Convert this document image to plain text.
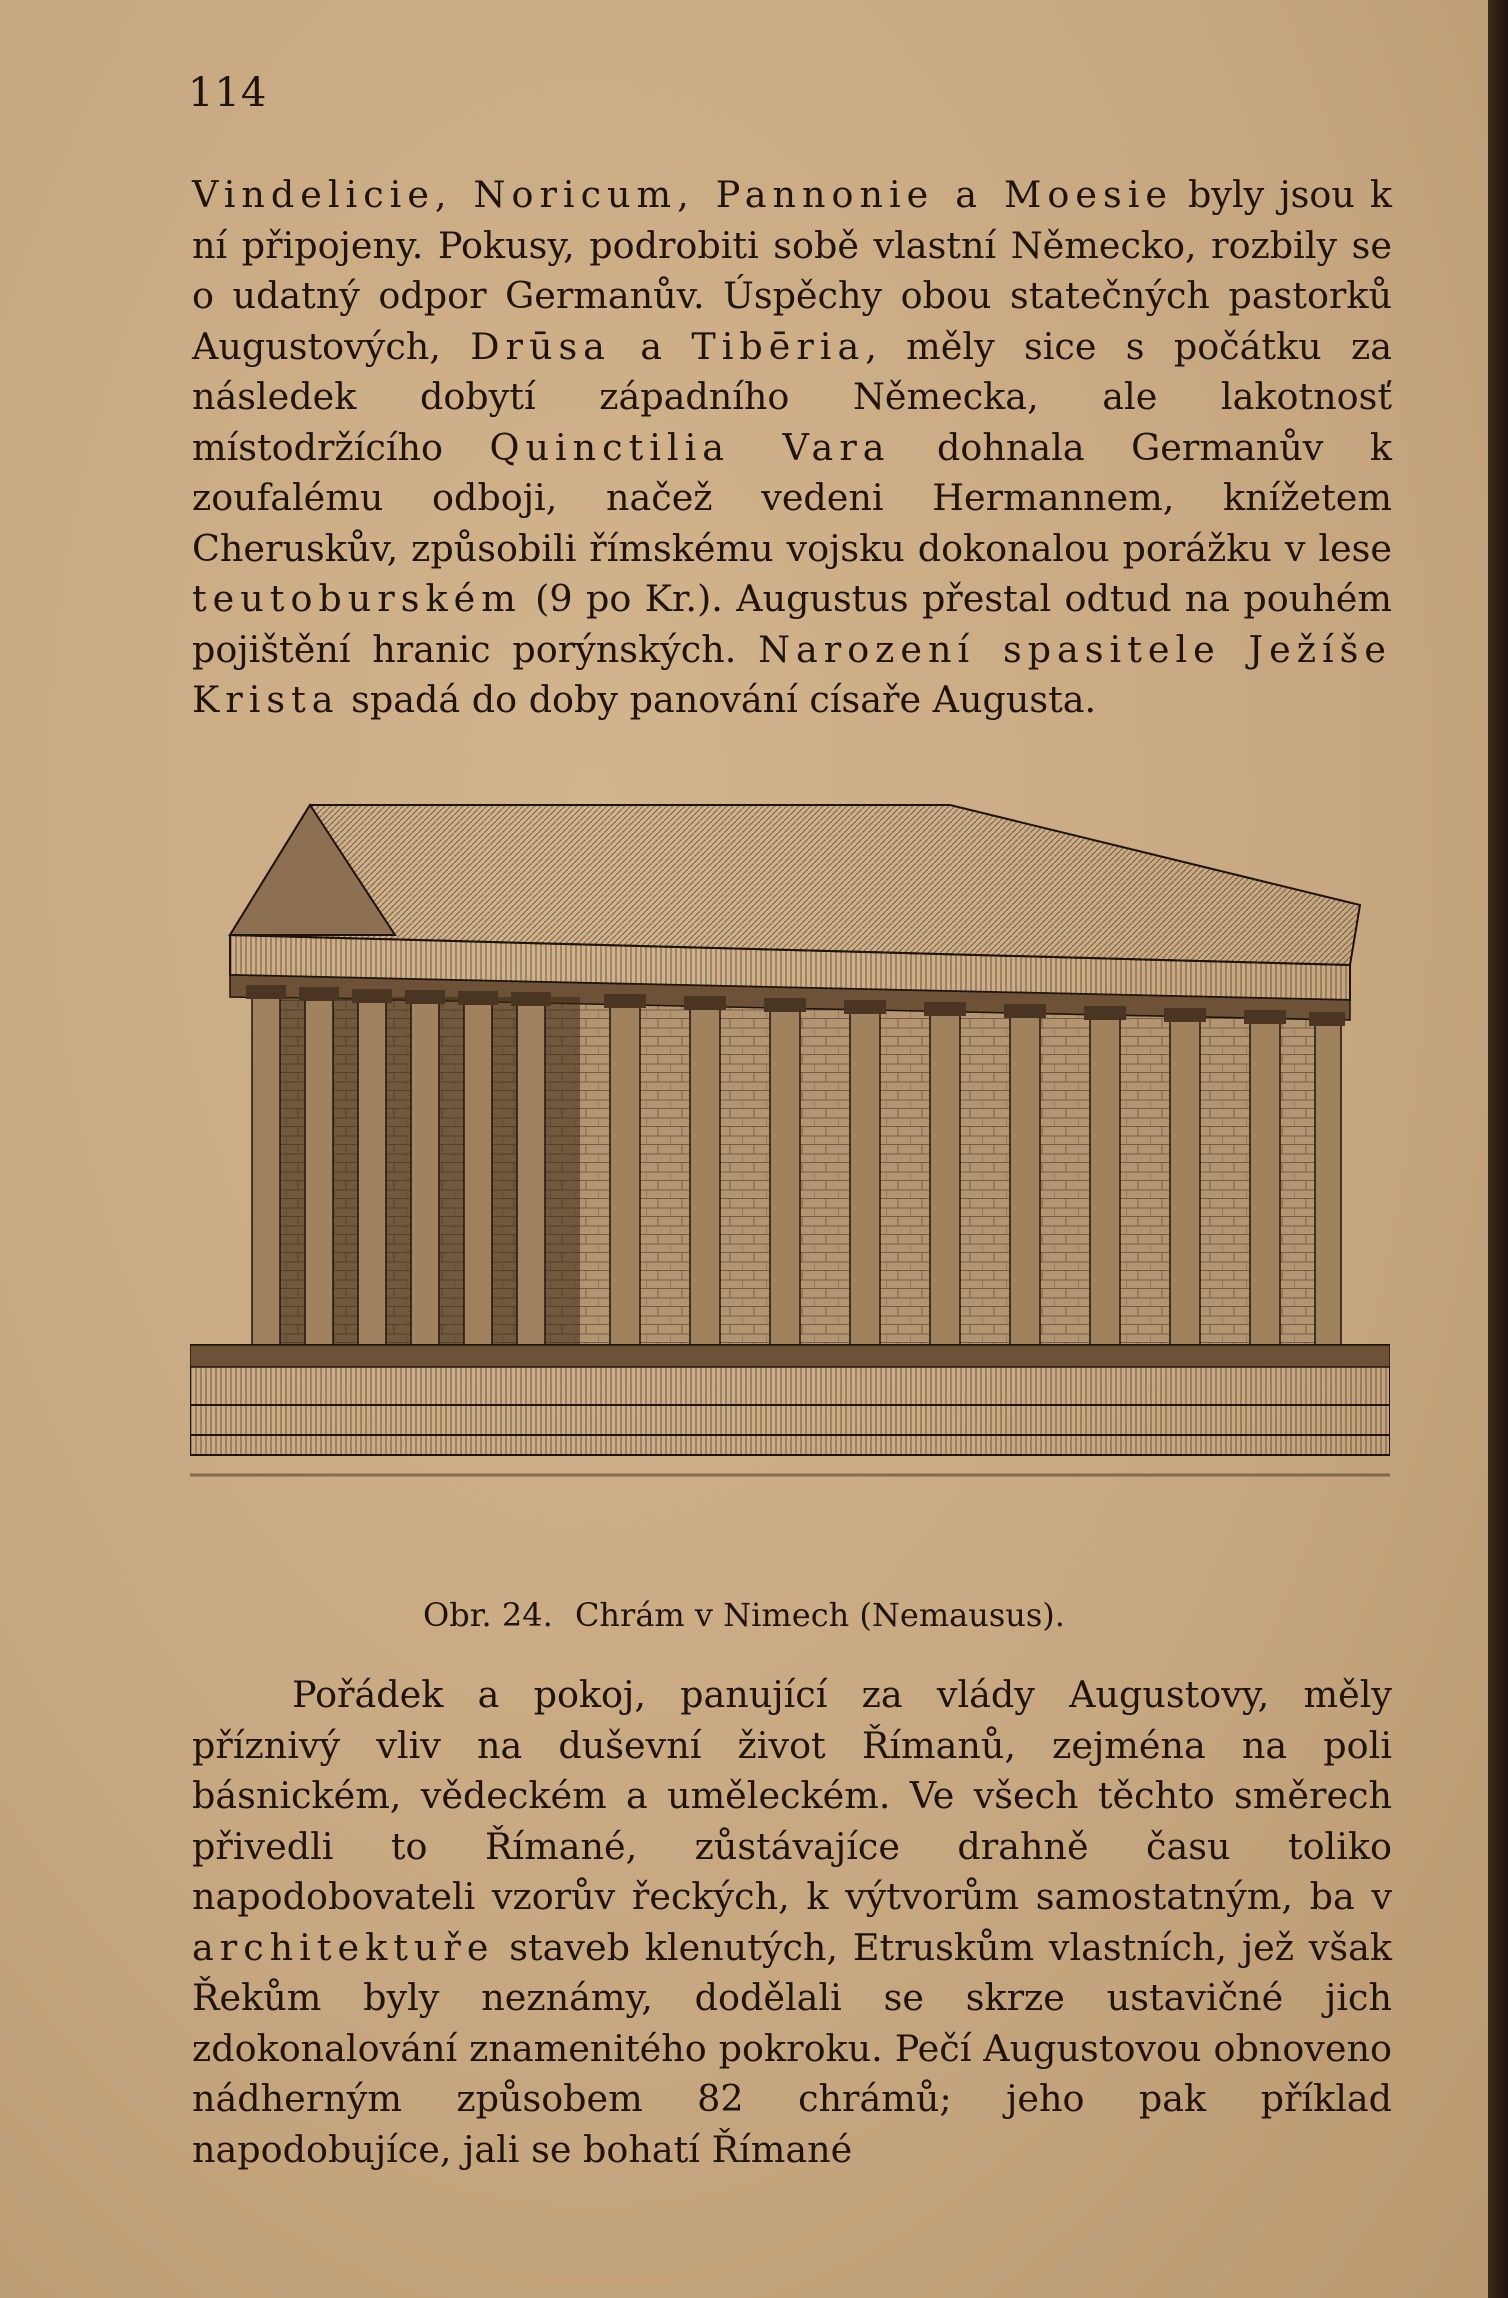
114

Vindelicie, Noricum, Pannonie a Moesie byly jsou k ní připojeny. Pokusy, podrobiti sobě vlastní Německo, rozbily se o udatný odpor Germanův. Úspěchy obou statečných pastorků Augustových, Drūsa a Tibēria, měly sice s počátku za následek dobytí západního Německa, ale lakotnosť místodržícího Quinctilia Vara dohnala Germanův k zoufalému odboji, načež vedeni Hermannem, knížetem Cheruskův, způsobili římskému vojsku dokonalou porážku v lese teutoburském (9 po Kr.). Augustus přestal odtud na pouhém pojištění hranic porýnských. Narození spasitele Ježíše Krista spadá do doby panování císaře Augusta.

Obr. 24. Chrám v Nimech (Nemausus).

Pořádek a pokoj, panující za vlády Augustovy, měly příznivý vliv na duševní život Římanů, zejména na poli básnickém, vědeckém a uměleckém. Ve všech těchto směrech přivedli to Římané, zůstávajíce drahně času toliko napodobovateli vzorův řeckých, k výtvorům samostatným, ba v architektuře staveb klenutých, Etruskům vlastních, jež však Řekům byly neznámy, dodělali se skrze ustavičné jich zdokonalování znamenitého pokroku. Pečí Augustovou obnoveno nádherným způsobem 82 chrámů; jeho pak příklad napodobujíce, jali se bohatí Římané
